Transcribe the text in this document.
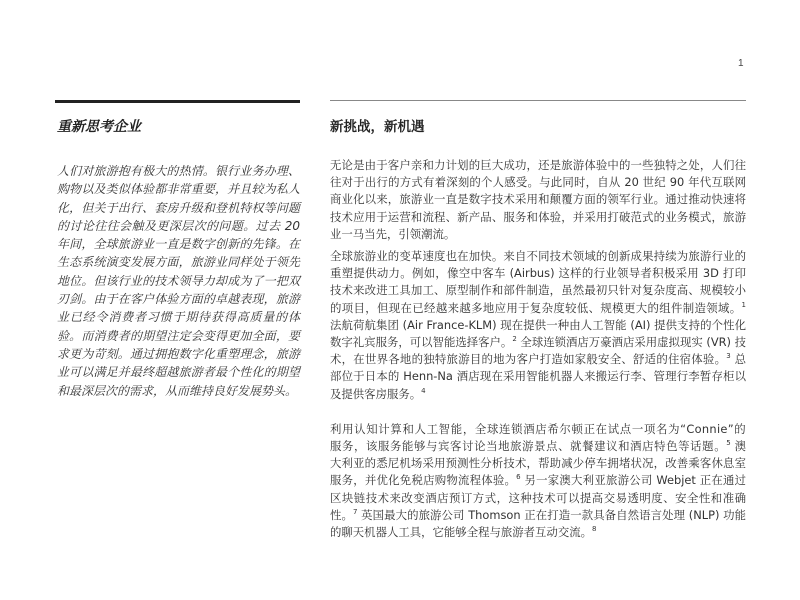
1
重新思考企业
人们对旅游抱有极大的热情。银行业务办理、购物以及类似体验都非常重要，并且较为私人化，但关于出行、套房升级和登机特权等问题的讨论往往会触及更深层次的问题。过去 20 年间，全球旅游业一直是数字创新的先锋。在生态系统演变发展方面，旅游业同样处于领先地位。但该行业的技术领导力却成为了一把双刃剑。由于在客户体验方面的卓越表现，旅游业已经令消费者习惯于期待获得高质量的体验。而消费者的期望注定会变得更加全面，要求更为苛刻。通过拥抱数字化重塑理念，旅游业可以满足并最终超越旅游者最个性化的期望和最深层次的需求，从而维持良好发展势头。
新挑战，新机遇

无论是由于客户亲和力计划的巨大成功，还是旅游体验中的一些独特之处，人们往往对于出行的方式有着深刻的个人感受。与此同时，自从 20 世纪 90 年代互联网商业化以来，旅游业一直是数字技术采用和颠覆方面的领军行业。通过推动快速将技术应用于运营和流程、新产品、服务和体验，并采用打破范式的业务模式，旅游业一马当先，引领潮流。

全球旅游业的变革速度也在加快。来自不同技术领域的创新成果持续为旅游行业的重塑提供动力。例如，像空中客车 (Airbus) 这样的行业领导者积极采用 3D 打印技术来改进工具加工、原型制作和部件制造，虽然最初只针对复杂度高、规模较小的项目，但现在已经越来越多地应用于复杂度较低、规模更大的组件制造领域。$^1$ 法航荷航集团 (Air France-KLM) 现在提供一种由人工智能 (AI) 提供支持的个性化数字礼宾服务，可以智能选择客户。$^2$ 全球连锁酒店万豪酒店采用虚拟现实 (VR) 技术，在世界各地的独特旅游目的地为客户打造如家般安全、舒适的住宿体验。$^3$ 总部位于日本的 Henn-Na 酒店现在采用智能机器人来搬运行李、管理行李暂存柜以及提供客房服务。$^4$

利用认知计算和人工智能，全球连锁酒店希尔顿正在试点一项名为“Connie”的服务，该服务能够与宾客讨论当地旅游景点、就餐建议和酒店特色等话题。$^5$ 澳大利亚的悉尼机场采用预测性分析技术，帮助减少停车拥堵状况，改善乘客休息室服务，并优化免税店购物流程体验。$^6$ 另一家澳大利亚旅游公司 Webjet 正在通过区块链技术来改变酒店预订方式，这种技术可以提高交易透明度、安全性和准确性。$^7$ 英国最大的旅游公司 Thomson 正在打造一款具备自然语言处理 (NLP) 功能的聊天机器人工具，它能够全程与旅游者互动交流。$^8$
